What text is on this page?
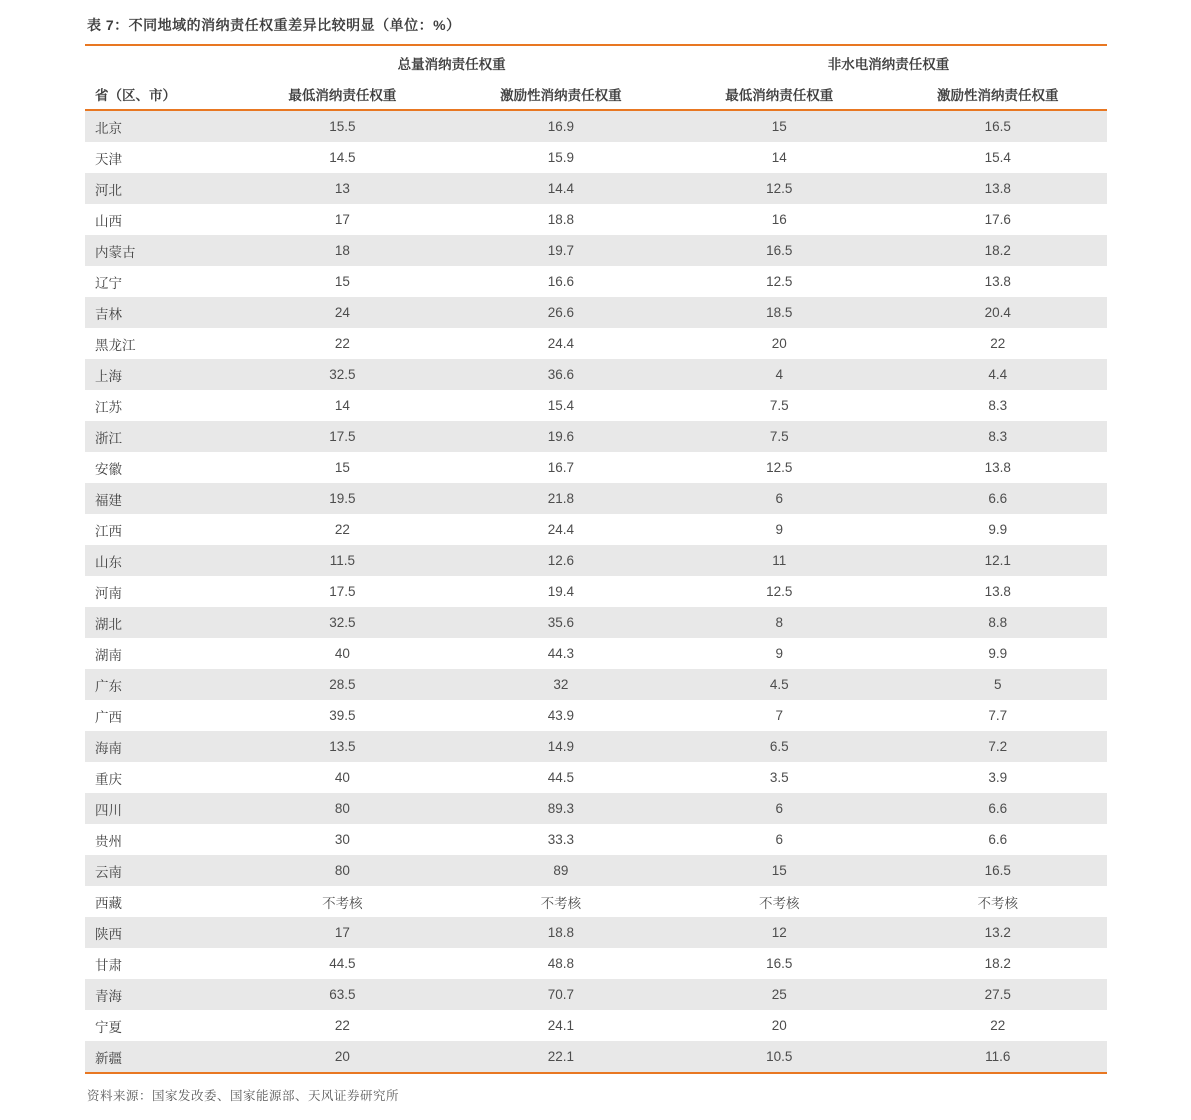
表 7：不同地域的消纳责任权重差异比较明显（单位：%）
	总量消纳责任权重		非水电消纳责任权重	
省（区、市）	最低消纳责任权重	激励性消纳责任权重	最低消纳责任权重	激励性消纳责任权重
北京	15.5	16.9	15	16.5
天津	14.5	15.9	14	15.4
河北	13	14.4	12.5	13.8
山西	17	18.8	16	17.6
内蒙古	18	19.7	16.5	18.2
辽宁	15	16.6	12.5	13.8
吉林	24	26.6	18.5	20.4
黑龙江	22	24.4	20	22
上海	32.5	36.6	4	4.4
江苏	14	15.4	7.5	8.3
浙江	17.5	19.6	7.5	8.3
安徽	15	16.7	12.5	13.8
福建	19.5	21.8	6	6.6
江西	22	24.4	9	9.9
山东	11.5	12.6	11	12.1
河南	17.5	19.4	12.5	13.8
湖北	32.5	35.6	8	8.8
湖南	40	44.3	9	9.9
广东	28.5	32	4.5	5
广西	39.5	43.9	7	7.7
海南	13.5	14.9	6.5	7.2
重庆	40	44.5	3.5	3.9
四川	80	89.3	6	6.6
贵州	30	33.3	6	6.6
云南	80	89	15	16.5
西藏	不考核	不考核	不考核	不考核
陕西	17	18.8	12	13.2
甘肃	44.5	48.8	16.5	18.2
青海	63.5	70.7	25	27.5
宁夏	22	24.1	20	22
新疆	20	22.1	10.5	11.6
资料来源：国家发改委、国家能源部、天风证券研究所
